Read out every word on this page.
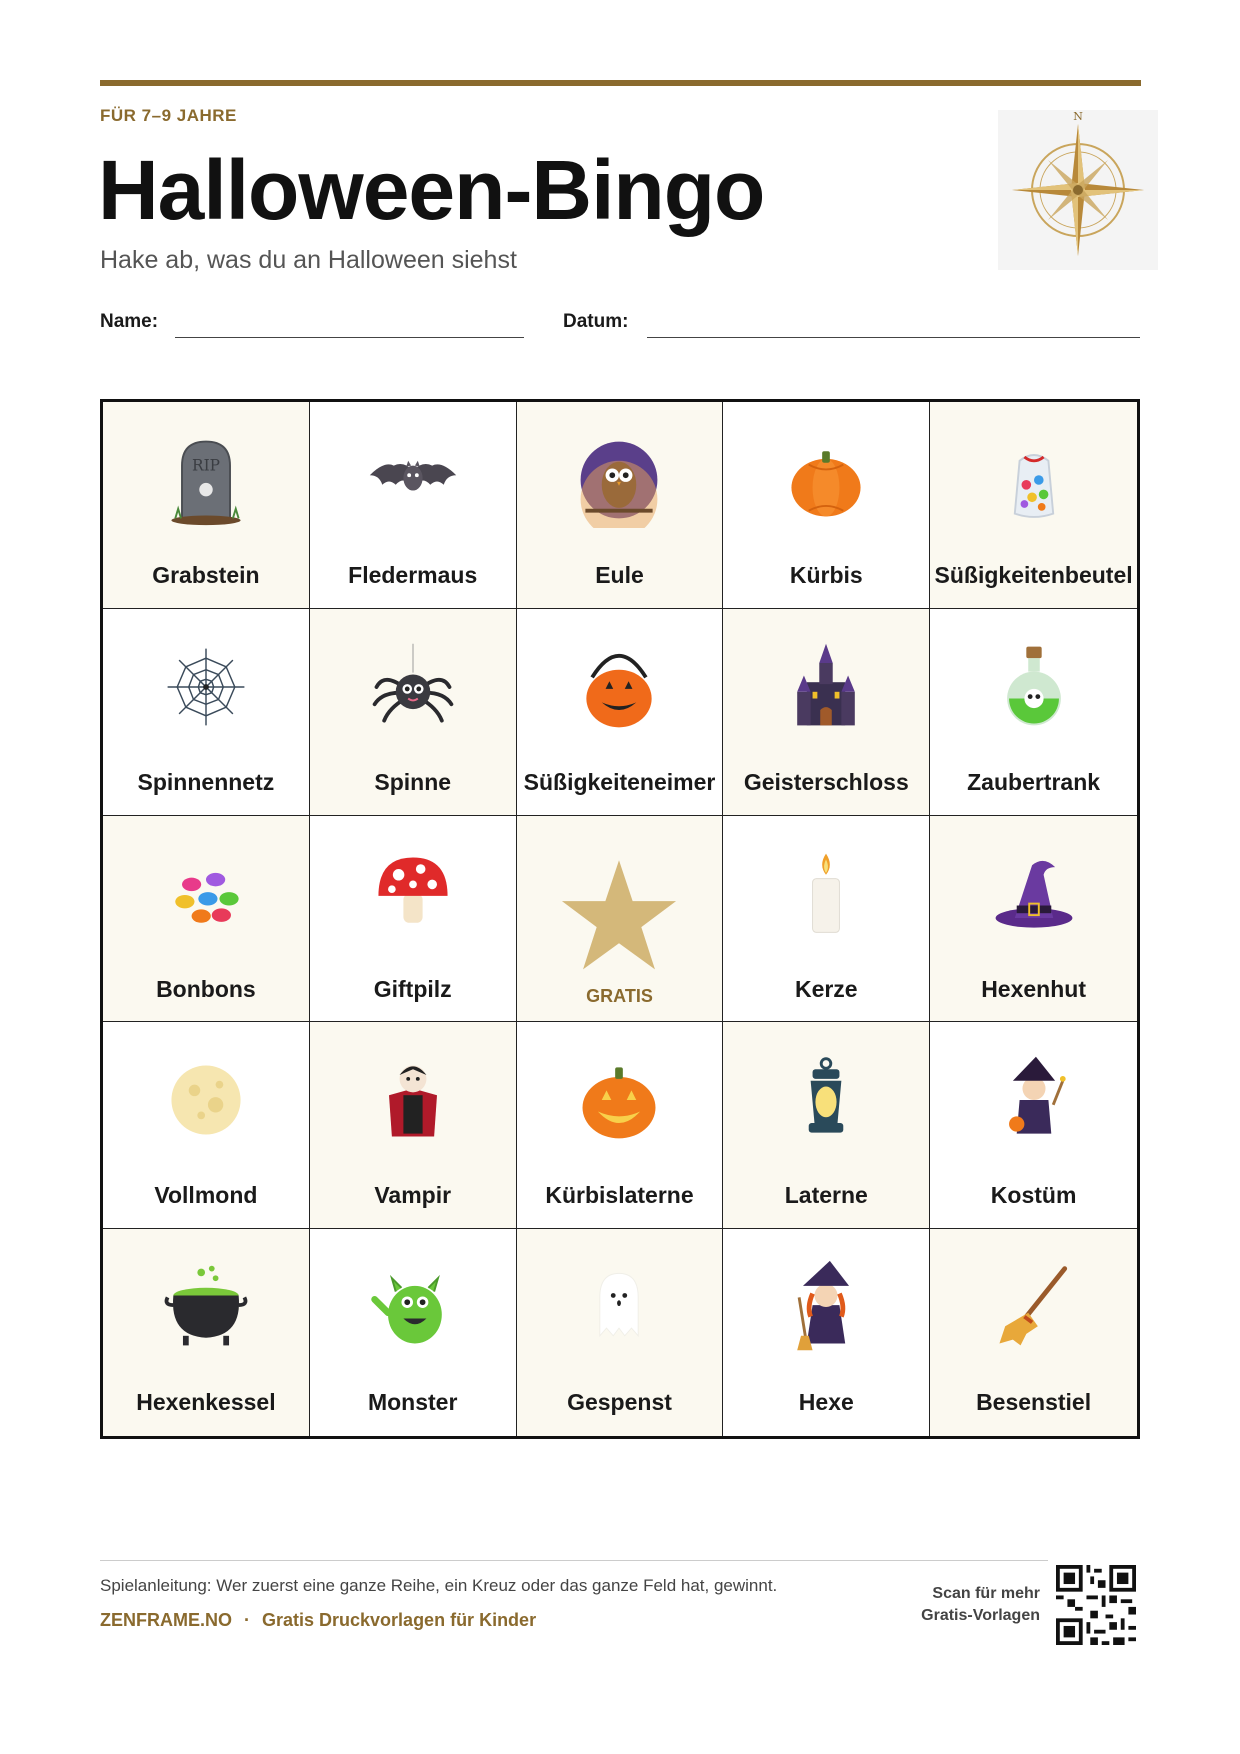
FÜR 7–9 JAHRE
Halloween-Bingo
Hake ab, was du an Halloween siehst
N
Name:	Datum:
RIP
Grabstein	Fledermaus	Eule	Kürbis	Süßigkeitenbeutel
Spinnennetz	Spinne	Süßigkeiteneimer	Geisterschloss	Zaubertrank
Bonbons	Giftpilz	GRATIS	Kerze	Hexenhut
Vollmond	Vampir	Kürbislaterne	Laterne	Kostüm
Hexenkessel	Monster	Gespenst	Hexe	Besenstiel
Spielanleitung: Wer zuerst eine ganze Reihe, ein Kreuz oder das ganze Feld hat, gewinnt.
ZENFRAME.NO · Gratis Druckvorlagen für Kinder
Scan für mehr
Gratis-Vorlagen
